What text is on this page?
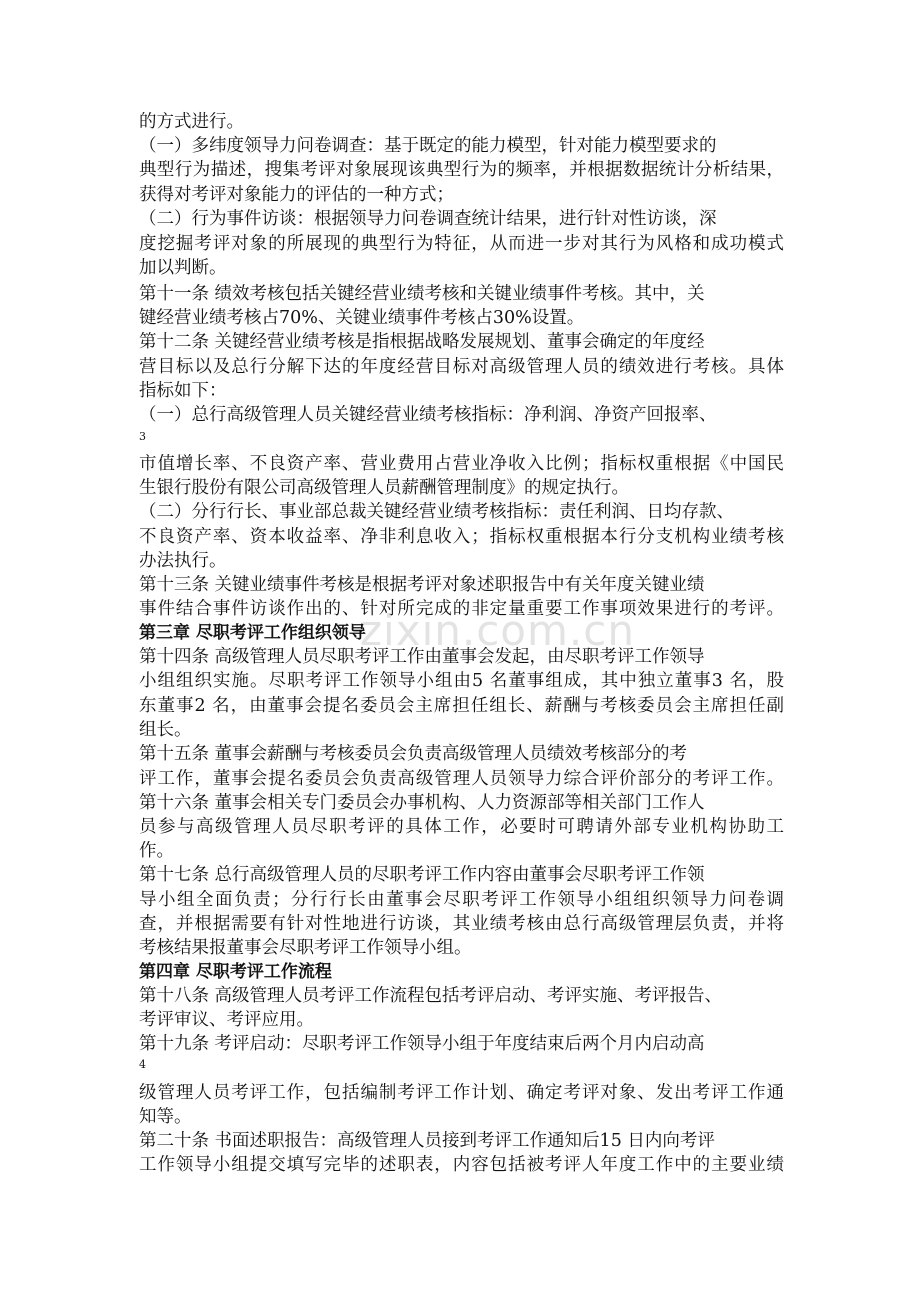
zixin.com.cn
的方式进行。
（一）多纬度领导力问卷调查：基于既定的能力模型，针对能力模型要求的
典型行为描述，搜集考评对象展现该典型行为的频率，并根据数据统计分析结果，
获得对考评对象能力的评估的一种方式；
（二）行为事件访谈：根据领导力问卷调查统计结果，进行针对性访谈，深
度挖掘考评对象的所展现的典型行为特征，从而进一步对其行为风格和成功模式
加以判断。
第十一条 绩效考核包括关键经营业绩考核和关键业绩事件考核。其中，关
键经营业绩考核占70%、关键业绩事件考核占30%设置。
第十二条 关键经营业绩考核是指根据战略发展规划、董事会确定的年度经
营目标以及总行分解下达的年度经营目标对高级管理人员的绩效进行考核。具体
指标如下：
（一）总行高级管理人员关键经营业绩考核指标：净利润、净资产回报率、
3
市值增长率、不良资产率、营业费用占营业净收入比例；指标权重根据《中国民
生银行股份有限公司高级管理人员薪酬管理制度》的规定执行。
（二）分行行长、事业部总裁关键经营业绩考核指标：责任利润、日均存款、
不良资产率、资本收益率、净非利息收入；指标权重根据本行分支机构业绩考核
办法执行。
第十三条 关键业绩事件考核是根据考评对象述职报告中有关年度关键业绩
事件结合事件访谈作出的、针对所完成的非定量重要工作事项效果进行的考评。
第三章 尽职考评工作组织领导
第十四条 高级管理人员尽职考评工作由董事会发起，由尽职考评工作领导
小组组织实施。尽职考评工作领导小组由5 名董事组成，其中独立董事3 名，股
东董事2 名，由董事会提名委员会主席担任组长、薪酬与考核委员会主席担任副
组长。
第十五条 董事会薪酬与考核委员会负责高级管理人员绩效考核部分的考
评工作，董事会提名委员会负责高级管理人员领导力综合评价部分的考评工作。
第十六条 董事会相关专门委员会办事机构、人力资源部等相关部门工作人
员参与高级管理人员尽职考评的具体工作，必要时可聘请外部专业机构协助工
作。
第十七条 总行高级管理人员的尽职考评工作内容由董事会尽职考评工作领
导小组全面负责；分行行长由董事会尽职考评工作领导小组组织领导力问卷调
查，并根据需要有针对性地进行访谈，其业绩考核由总行高级管理层负责，并将
考核结果报董事会尽职考评工作领导小组。
第四章 尽职考评工作流程
第十八条 高级管理人员考评工作流程包括考评启动、考评实施、考评报告、
考评审议、考评应用。
第十九条 考评启动：尽职考评工作领导小组于年度结束后两个月内启动高
4
级管理人员考评工作，包括编制考评工作计划、确定考评对象、发出考评工作通
知等。
第二十条 书面述职报告：高级管理人员接到考评工作通知后15 日内向考评
工作领导小组提交填写完毕的述职表，内容包括被考评人年度工作中的主要业绩
